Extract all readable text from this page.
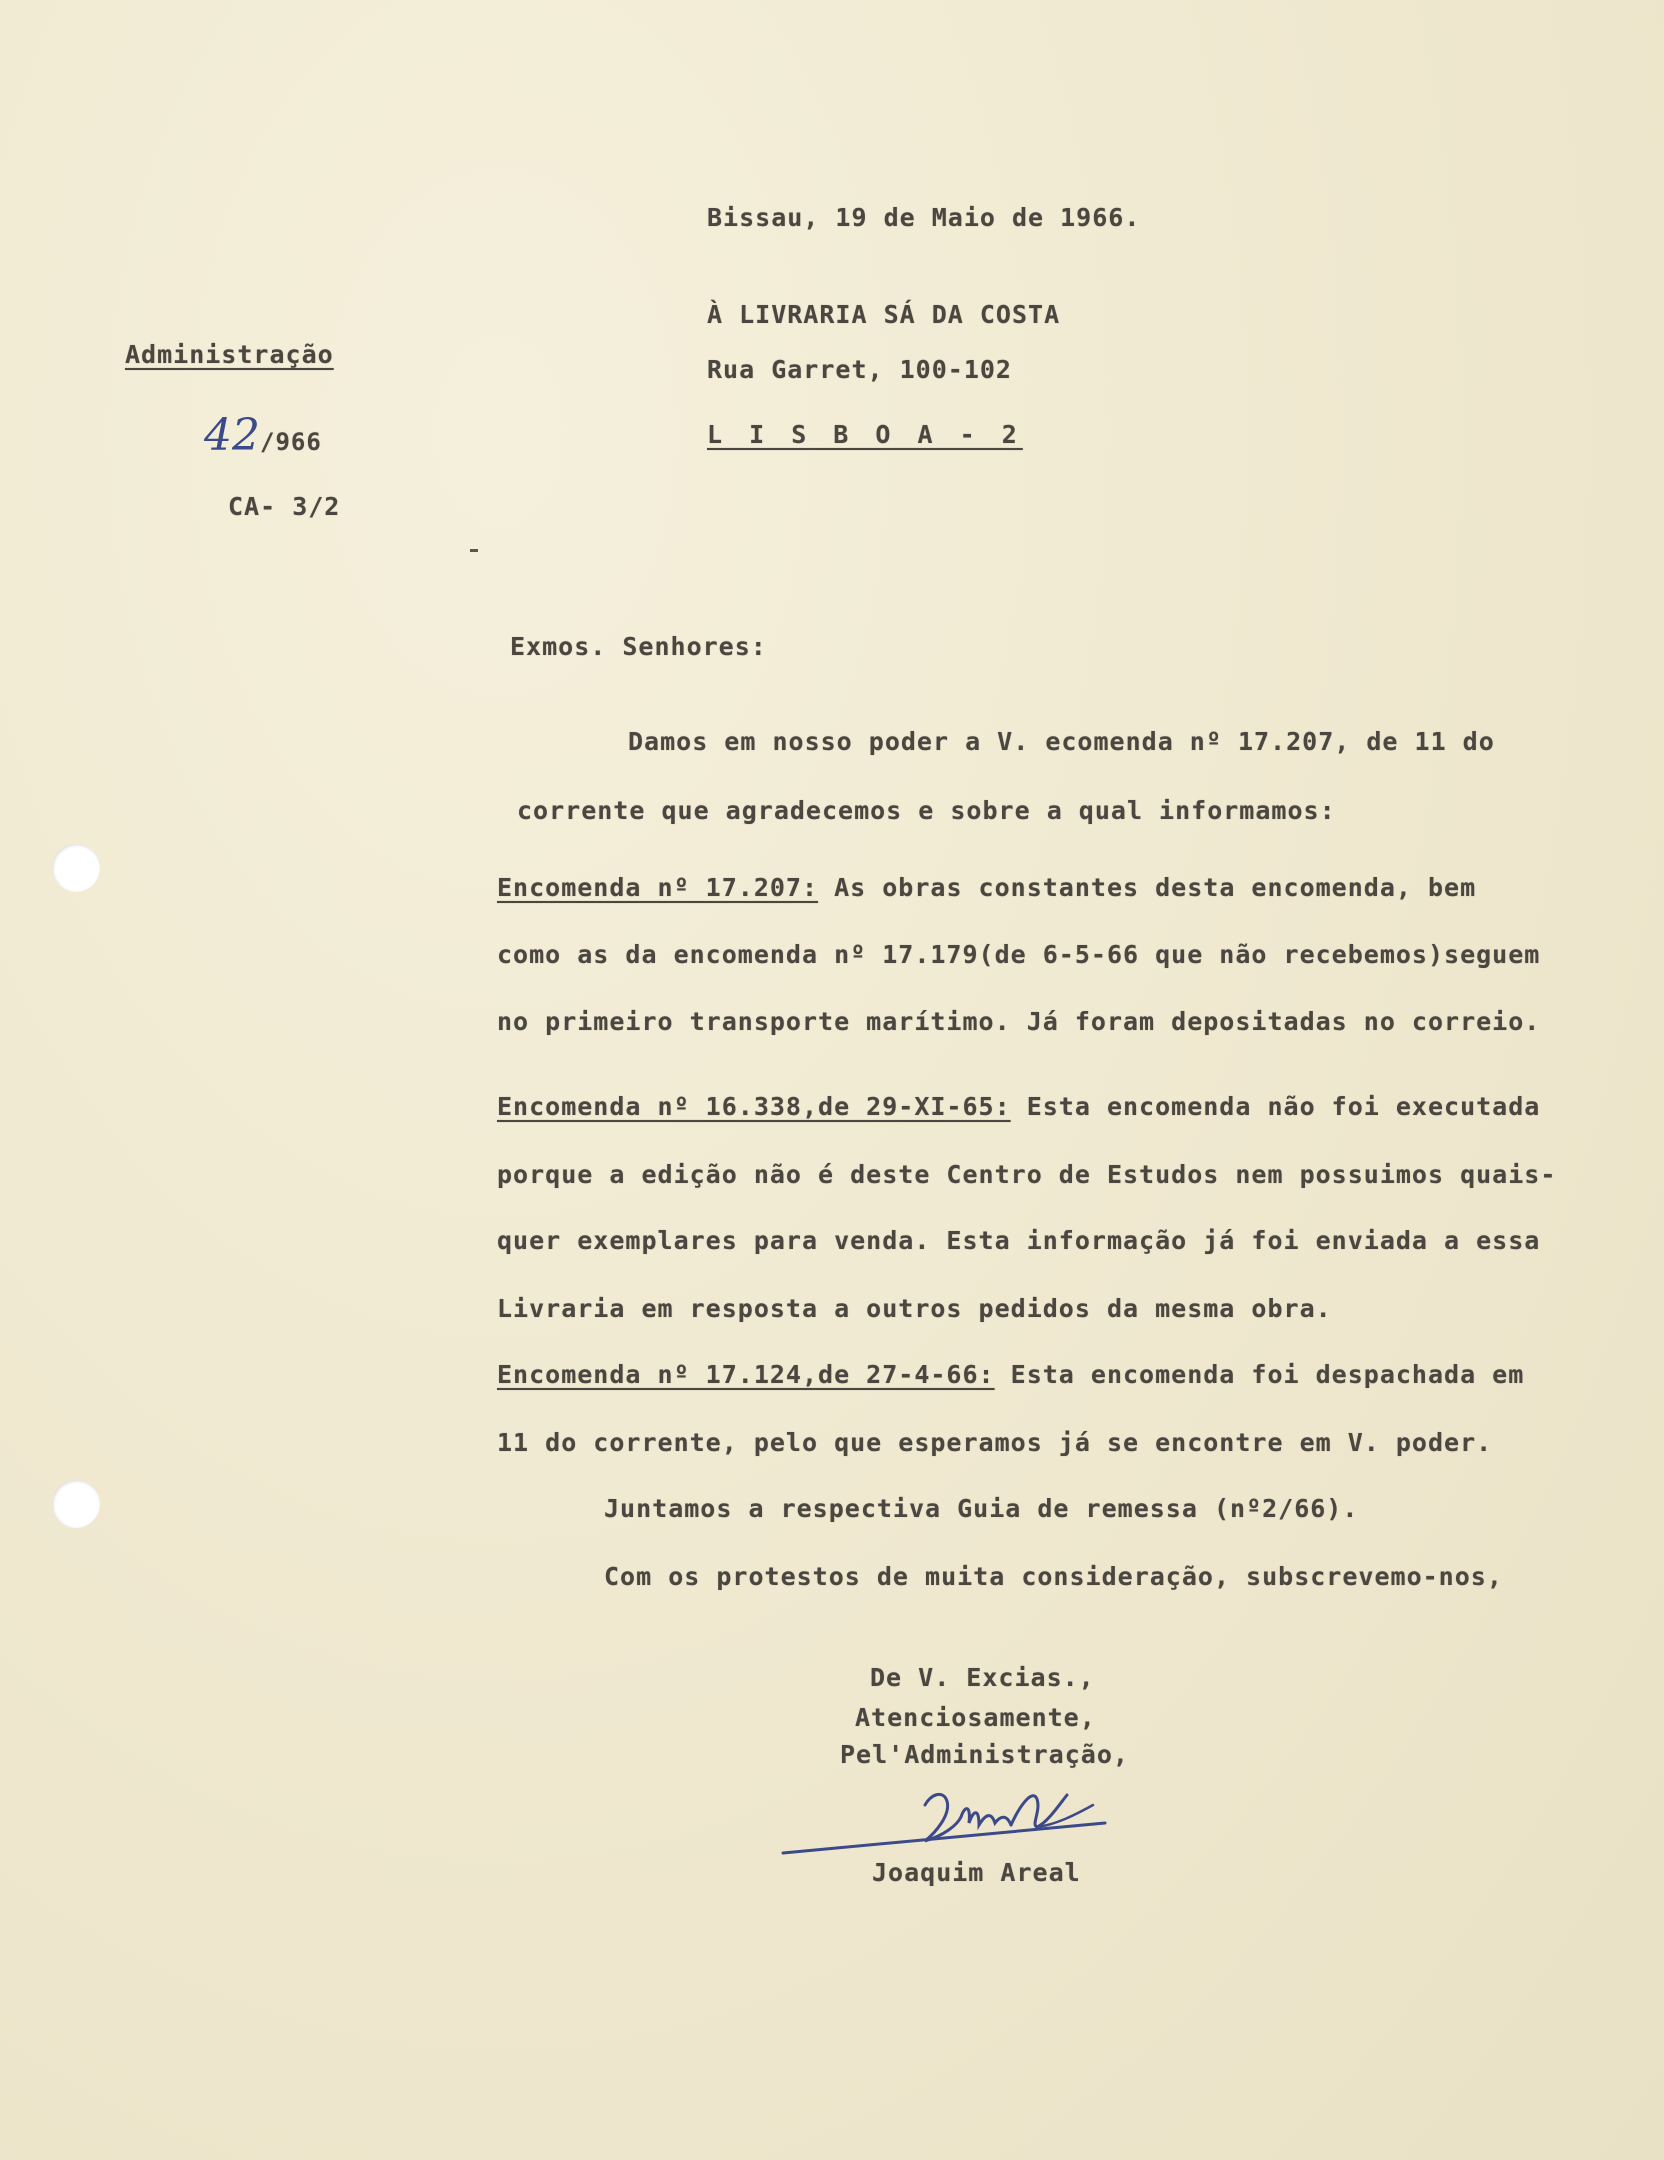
Bissau, 19 de Maio de 1966.
À LIVRARIA SÁ DA COSTA
Rua Garret, 100-102
L I S B O A - 2
Administração
42/966
CA- 3/2
Exmos. Senhores:
Damos em nosso poder a V. ecomenda nº 17.207, de 11 do
corrente que agradecemos e sobre a qual informamos:
Encomenda nº 17.207: As obras constantes desta encomenda, bem
como as da encomenda nº 17.179(de 6-5-66 que não recebemos)seguem
no primeiro transporte marítimo. Já foram depositadas no correio.
Encomenda nº 16.338,de 29-XI-65: Esta encomenda não foi executada
porque a edição não é deste Centro de Estudos nem possuimos quais-
quer exemplares para venda. Esta informação já foi enviada a essa
Livraria em resposta a outros pedidos da mesma obra.
Encomenda nº 17.124,de 27-4-66: Esta encomenda foi despachada em
11 do corrente, pelo que esperamos já se encontre em V. poder.
Juntamos a respectiva Guia de remessa (nº2/66).
Com os protestos de muita consideração, subscrevemo-nos,
De V. Excias.,
Atenciosamente,
Pel'Administração,
Joaquim Areal
